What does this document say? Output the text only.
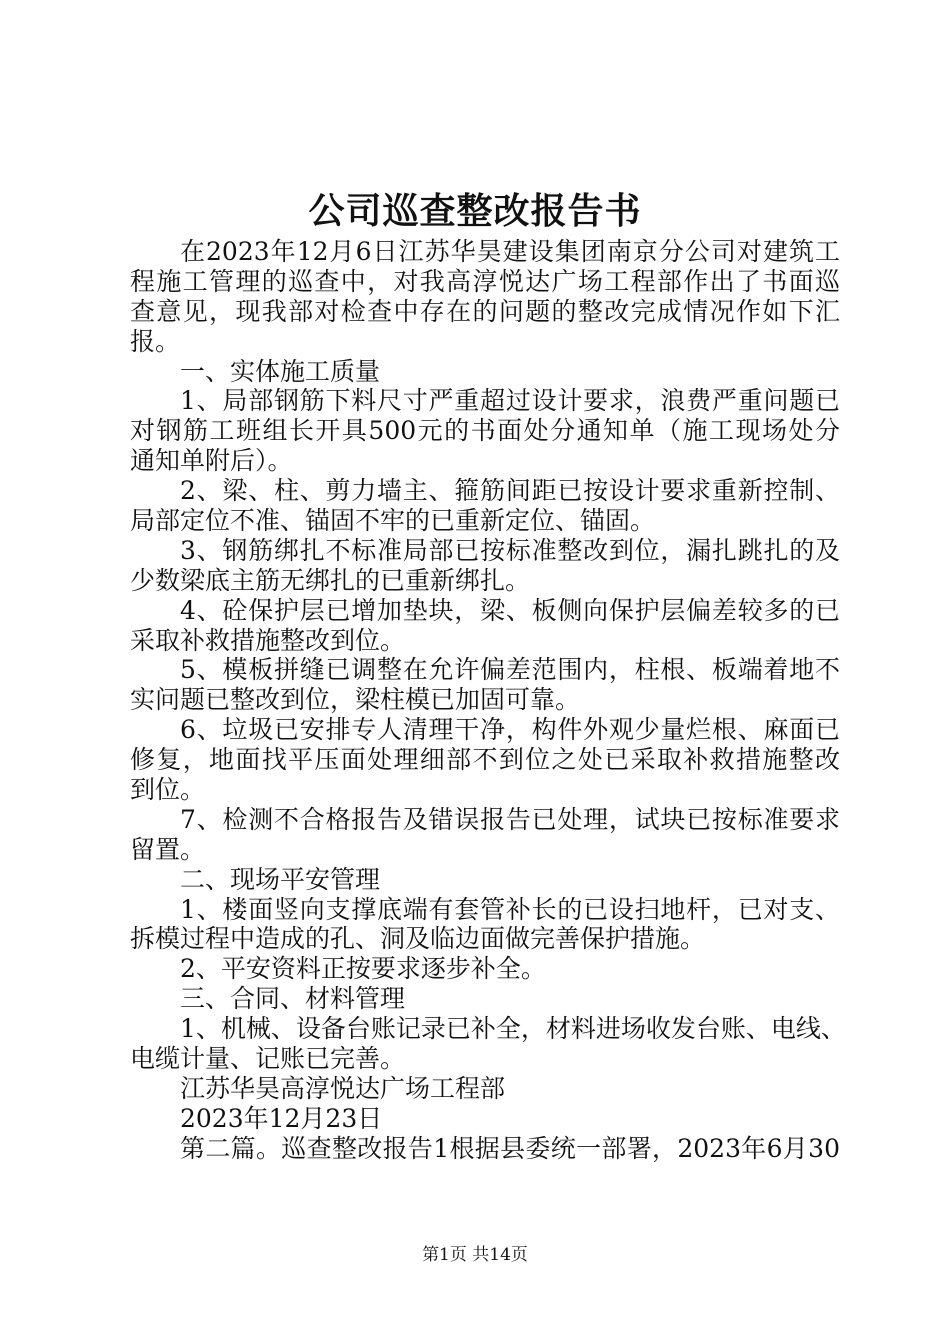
公司巡查整改报告书
在2023年12月6日江苏华昊建设集团南京分公司对建筑工
程施工管理的巡查中，对我高淳悦达广场工程部作出了书面巡
查意见，现我部对检查中存在的问题的整改完成情况作如下汇
报。
一、实体施工质量
1、局部钢筋下料尺寸严重超过设计要求，浪费严重问题已
对钢筋工班组长开具500元的书面处分通知单（施工现场处分
通知单附后）。
2、梁、柱、剪力墙主、箍筋间距已按设计要求重新控制、
局部定位不准、锚固不牢的已重新定位、锚固。
3、钢筋绑扎不标准局部已按标准整改到位，漏扎跳扎的及
少数梁底主筋无绑扎的已重新绑扎。
4、砼保护层已增加垫块，梁、板侧向保护层偏差较多的已
采取补救措施整改到位。
5、模板拼缝已调整在允许偏差范围内，柱根、板端着地不
实问题已整改到位，梁柱模已加固可靠。
6、垃圾已安排专人清理干净，构件外观少量烂根、麻面已
修复，地面找平压面处理细部不到位之处已采取补救措施整改
到位。
7、检测不合格报告及错误报告已处理，试块已按标准要求
留置。
二、现场平安管理
1、楼面竖向支撑底端有套管补长的已设扫地杆，已对支、
拆模过程中造成的孔、洞及临边面做完善保护措施。
2、平安资料正按要求逐步补全。
三、合同、材料管理
1、机械、设备台账记录已补全，材料进场收发台账、电线、
电缆计量、记账已完善。
江苏华昊高淳悦达广场工程部
2023年12月23日
第二篇。巡查整改报告1根据县委统一部署，2023年6月30
第1页 共14页
